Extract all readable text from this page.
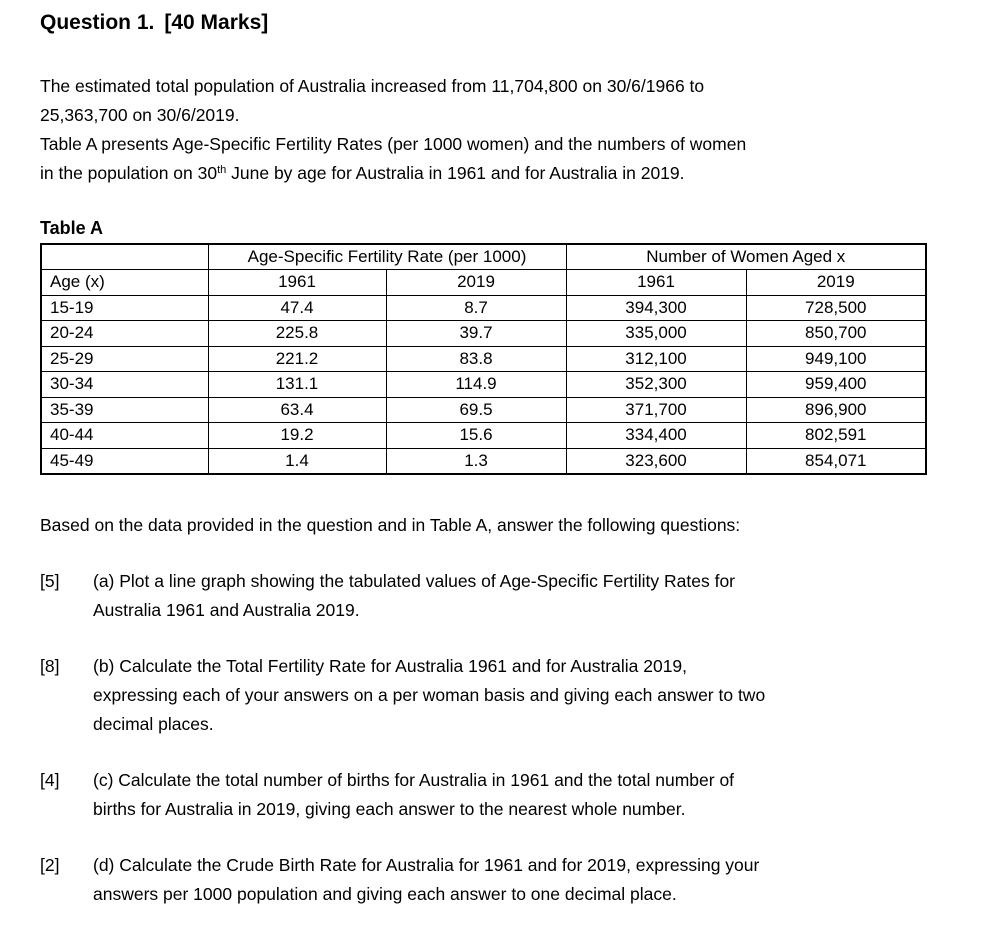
Question 1. [40 Marks]
The estimated total population of Australia increased from 11,704,800 on 30/6/1966 to
25,363,700 on 30/6/2019.
Table A presents Age-Specific Fertility Rates (per 1000 women) and the numbers of women
in the population on 30th June by age for Australia in 1961 and for Australia in 2019.
Table A
	Age-Specific Fertility Rate (per 1000)		Number of Women Aged x	
Age (x)	1961	2019	1961	2019
15-19	47.4	8.7	394,300	728,500
20-24	225.8	39.7	335,000	850,700
25-29	221.2	83.8	312,100	949,100
30-34	131.1	114.9	352,300	959,400
35-39	63.4	69.5	371,700	896,900
40-44	19.2	15.6	334,400	802,591
45-49	1.4	1.3	323,600	854,071
Based on the data provided in the question and in Table A, answer the following questions:
[5]	(a) Plot a line graph showing the tabulated values of Age-Specific Fertility Rates for
Australia 1961 and Australia 2019.
[8]	(b) Calculate the Total Fertility Rate for Australia 1961 and for Australia 2019,
expressing each of your answers on a per woman basis and giving each answer to two
decimal places.
[4]	(c) Calculate the total number of births for Australia in 1961 and the total number of
births for Australia in 2019, giving each answer to the nearest whole number.
[2]	(d) Calculate the Crude Birth Rate for Australia for 1961 and for 2019, expressing your
answers per 1000 population and giving each answer to one decimal place.
